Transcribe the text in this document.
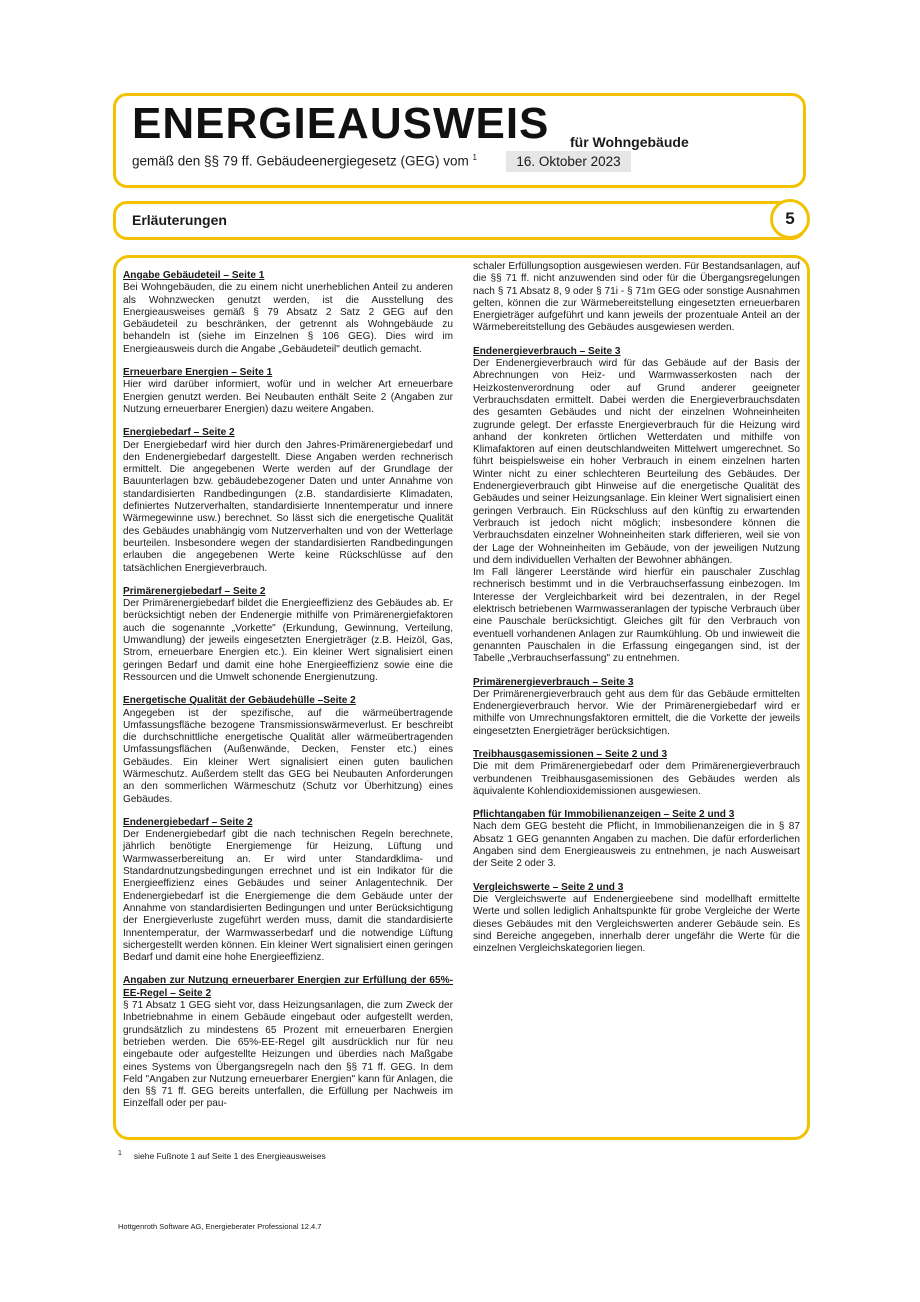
ENERGIEAUSWEIS für Wohngebäude
gemäß den §§ 79 ff. Gebäudeenergiegesetz (GEG) vom $^1$	16. Oktober 2023
Erläuterungen	5
Angabe Gebäudeteil – Seite 1
Bei Wohngebäuden, die zu einem nicht unerheblichen Anteil zu anderen als Wohnzwecken genutzt werden, ist die Ausstellung des Energieausweises gemäß § 79 Absatz 2 Satz 2 GEG auf den Gebäudeteil zu beschränken, der getrennt als Wohngebäude zu behandeln ist (siehe im Einzelnen § 106 GEG). Dies wird im Energieausweis durch die Angabe „Gebäudeteil" deutlich gemacht.
Erneuerbare Energien – Seite 1
Hier wird darüber informiert, wofür und in welcher Art erneuerbare Energien genutzt werden. Bei Neubauten enthält Seite 2 (Angaben zur Nutzung erneuerbarer Energien) dazu weitere Angaben.
Energiebedarf – Seite 2
Der Energiebedarf wird hier durch den Jahres-Primärenergiebedarf und den Endenergiebedarf dargestellt. Diese Angaben werden rechnerisch ermittelt. Die angegebenen Werte werden auf der Grundlage der Bauunterlagen bzw. gebäudebezogener Daten und unter Annahme von standardisierten Randbedingungen (z.B. standardisierte Klimadaten, definiertes Nutzerverhalten, standardisierte Innentemperatur und innere Wärmegewinne usw.) berechnet. So lässt sich die energetische Qualität des Gebäudes unabhängig vom Nutzerverhalten und von der Wetterlage beurteilen. Insbesondere wegen der standardisierten Randbedingungen erlauben die angegebenen Werte keine Rückschlüsse auf den tatsächlichen Energieverbrauch.
Primärenergiebedarf – Seite 2
Der Primärenergiebedarf bildet die Energieeffizienz des Gebäudes ab. Er berücksichtigt neben der Endenergie mithilfe von Primärenergiefaktoren auch die sogenannte „Vorkette" (Erkundung, Gewinnung, Verteilung, Umwandlung) der jeweils eingesetzten Energieträger (z.B. Heizöl, Gas, Strom, erneuerbare Energien etc.). Ein kleiner Wert signalisiert einen geringen Bedarf und damit eine hohe Energieeffizienz sowie eine die Ressourcen und die Umwelt schonende Energienutzung.
Energetische Qualität der Gebäudehülle –Seite 2
Angegeben ist der spezifische, auf die wärmeübertragende Umfassungsfläche bezogene Transmissionswärmeverlust. Er beschreibt die durchschnittliche energetische Qualität aller wärmeübertragenden Umfassungsflächen (Außenwände, Decken, Fenster etc.) eines Gebäudes. Ein kleiner Wert signalisiert einen guten baulichen Wärmeschutz. Außerdem stellt das GEG bei Neubauten Anforderungen an den sommerlichen Wärmeschutz (Schutz vor Überhitzung) eines Gebäudes.
Endenergiebedarf – Seite 2
Der Endenergiebedarf gibt die nach technischen Regeln berechnete, jährlich benötigte Energiemenge für Heizung, Lüftung und Warmwasserbereitung an. Er wird unter Standardklima- und Standardnutzungsbedingungen errechnet und ist ein Indikator für die Energieeffizienz eines Gebäudes und seiner Anlagentechnik. Der Endenergiebedarf ist die Energiemenge die dem Gebäude unter der Annahme von standardisierten Bedingungen und unter Berücksichtigung der Energieverluste zugeführt werden muss, damit die standardisierte Innentemperatur, der Warmwasserbedarf und die notwendige Lüftung sichergestellt werden können. Ein kleiner Wert signalisiert einen geringen Bedarf und damit eine hohe Energieeffizienz.
Angaben zur Nutzung erneuerbarer Energien zur Erfüllung der 65%-EE-Regel – Seite 2
§ 71 Absatz 1 GEG sieht vor, dass Heizungsanlagen, die zum Zweck der Inbetriebnahme in einem Gebäude eingebaut oder aufgestellt werden, grundsätzlich zu mindestens 65 Prozent mit erneuerbaren Energien betrieben werden. Die 65%-EE-Regel gilt ausdrücklich nur für neu eingebaute oder aufgestellte Heizungen und überdies nach Maßgabe eines Systems von Übergangsregeln nach den §§ 71 ff. GEG. In dem Feld "Angaben zur Nutzung erneuerbarer Energien" kann für Anlagen, die den §§ 71 ff. GEG bereits unterfallen, die Erfüllung per Nachweis im Einzelfall oder per pau-
schaler Erfüllungsoption ausgewiesen werden. Für Bestandsanlagen, auf die §§ 71 ff. nicht anzuwenden sind oder für die Übergangsregelungen nach § 71 Absatz 8, 9 oder § 71i - § 71m GEG oder sonstige Ausnahmen gelten, können die zur Wärmebereitstellung eingesetzten erneuerbaren Energieträger aufgeführt und kann jeweils der prozentuale Anteil an der Wärmebereitstellung des Gebäudes ausgewiesen werden.
Endenergieverbrauch – Seite 3
Der Endenergieverbrauch wird für das Gebäude auf der Basis der Abrechnungen von Heiz- und Warmwasserkosten nach der Heizkostenverordnung oder auf Grund anderer geeigneter Verbrauchsdaten ermittelt. Dabei werden die Energieverbrauchsdaten des gesamten Gebäudes und nicht der einzelnen Wohneinheiten zugrunde gelegt. Der erfasste Energieverbrauch für die Heizung wird anhand der konkreten örtlichen Wetterdaten und mithilfe von Klimafaktoren auf einen deutschlandweiten Mittelwert umgerechnet. So führt beispielsweise ein hoher Verbrauch in einem einzelnen harten Winter nicht zu einer schlechteren Beurteilung des Gebäudes. Der Endenergieverbrauch gibt Hinweise auf die energetische Qualität des Gebäudes und seiner Heizungsanlage. Ein kleiner Wert signalisiert einen geringen Verbrauch. Ein Rückschluss auf den künftig zu erwartenden Verbrauch ist jedoch nicht möglich; insbesondere können die Verbrauchsdaten einzelner Wohneinheiten stark differieren, weil sie von der Lage der Wohneinheiten im Gebäude, von der jeweiligen Nutzung und dem individuellen Verhalten der Bewohner abhängen.
Im Fall längerer Leerstände wird hierfür ein pauschaler Zuschlag rechnerisch bestimmt und in die Verbrauchserfassung einbezogen. Im Interesse der Vergleichbarkeit wird bei dezentralen, in der Regel elektrisch betriebenen Warmwasseranlagen der typische Verbrauch über eine Pauschale berücksichtigt. Gleiches gilt für den Verbrauch von eventuell vorhandenen Anlagen zur Raumkühlung. Ob und inwieweit die genannten Pauschalen in die Erfassung eingegangen sind, ist der Tabelle „Verbrauchserfassung" zu entnehmen.
Primärenergieverbrauch – Seite 3
Der Primärenergieverbrauch geht aus dem für das Gebäude ermittelten Endenergieverbrauch hervor. Wie der Primärenergiebedarf wird er mithilfe von Umrechnungsfaktoren ermittelt, die die Vorkette der jeweils eingesetzten Energieträger berücksichtigen.
Treibhausgasemissionen – Seite 2 und 3
Die mit dem Primärenergiebedarf oder dem Primärenergieverbrauch verbundenen Treibhausgasemissionen des Gebäudes werden als äquivalente Kohlendioxidemissionen ausgewiesen.
Pflichtangaben für Immobilienanzeigen – Seite 2 und 3
Nach dem GEG besteht die Pflicht, in Immobilienanzeigen die in § 87 Absatz 1 GEG genannten Angaben zu machen. Die dafür erforderlichen Angaben sind dem Energieausweis zu entnehmen, je nach Ausweisart der Seite 2 oder 3.
Vergleichswerte – Seite 2 und 3
Die Vergleichswerte auf Endenergieebene sind modellhaft ermittelte Werte und sollen lediglich Anhaltspunkte für grobe Vergleiche der Werte dieses Gebäudes mit den Vergleichswerten anderer Gebäude sein. Es sind Bereiche angegeben, innerhalb derer ungefähr die Werte für die einzelnen Vergleichskategorien liegen.
$^1$ siehe Fußnote 1 auf Seite 1 des Energieausweises
Hottgenroth Software AG, Energieberater Professional 12.4.7
